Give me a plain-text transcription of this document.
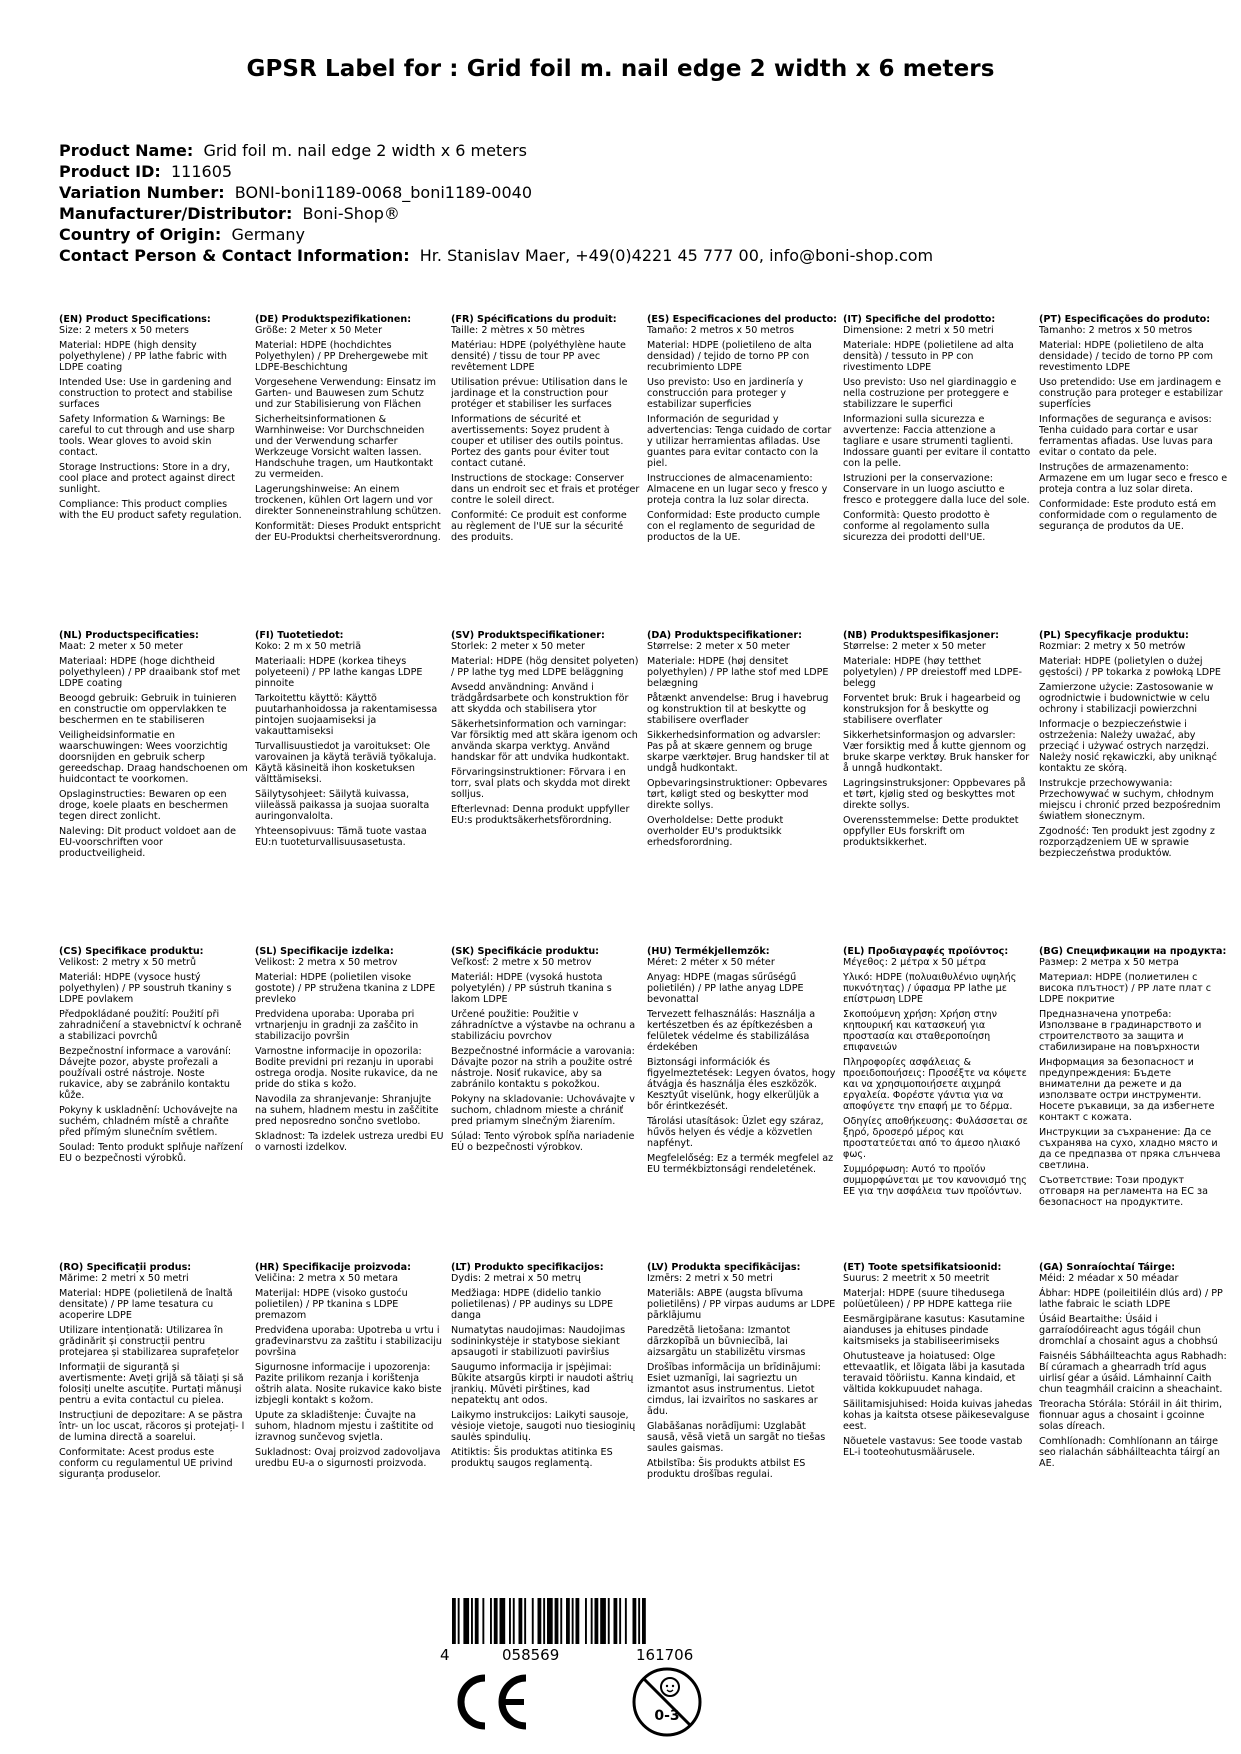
GPSR Label for : Grid foil m. nail edge 2 width x 6 meters
Product Name: Grid foil m. nail edge 2 width x 6 meters
Product ID: 111605
Variation Number: BONI-boni1189-0068_boni1189-0040
Manufacturer/Distributor: Boni-Shop®
Country of Origin: Germany
Contact Person & Contact Information: Hr. Stanislav Maer, +49(0)4221 45 777 00, info@boni-shop.com
(EN) Product Specifications:
Size: 2 meters x 50 meters
Material: HDPE (high density polyethylene) / PP lathe fabric with LDPE coating
Intended Use: Use in gardening and construction to protect and stabilise surfaces
Safety Information & Warnings: Be careful to cut through and use sharp tools. Wear gloves to avoid skin contact.
Storage Instructions: Store in a dry, cool place and protect against direct sunlight.
Compliance: This product complies with the EU product safety regulation.
(DE) Produktspezifikationen:
Größe: 2 Meter x 50 Meter
Material: HDPE (hochdichtes Polyethylen) / PP Drehergewebe mit LDPE-Beschichtung
Vorgesehene Verwendung: Einsatz im Garten- und Bauwesen zum Schutz und zur Stabilisierung von Flächen
Sicherheitsinformationen & Warnhinweise: Vor Durchschneiden und der Verwendung scharfer Werkzeuge Vorsicht walten lassen. Handschuhe tragen, um Hautkontakt zu vermeiden.
Lagerungshinweise: An einem trockenen, kühlen Ort lagern und vor direkter Sonneneinstrahlung schützen.
Konformität: Dieses Produkt entspricht der EU-Produktsi cherheitsverordnung.
(FR) Spécifications du produit:
Taille: 2 mètres x 50 mètres
Matériau: HDPE (polyéthylène haute densité) / tissu de tour PP avec revêtement LDPE
Utilisation prévue: Utilisation dans le jardinage et la construction pour protéger et stabiliser les surfaces
Informations de sécurité et avertissements: Soyez prudent à couper et utiliser des outils pointus. Portez des gants pour éviter tout contact cutané.
Instructions de stockage: Conserver dans un endroit sec et frais et protéger contre le soleil direct.
Conformité: Ce produit est conforme au règlement de l'UE sur la sécurité des produits.
(ES) Especificaciones del producto:
Tamaño: 2 metros x 50 metros
Material: HDPE (polietileno de alta densidad) / tejido de torno PP con recubrimiento LDPE
Uso previsto: Uso en jardinería y construcción para proteger y estabilizar superficies
Información de seguridad y advertencias: Tenga cuidado de cortar y utilizar herramientas afiladas. Use guantes para evitar contacto con la piel.
Instrucciones de almacenamiento: Almacene en un lugar seco y fresco y proteja contra la luz solar directa.
Conformidad: Este producto cumple con el reglamento de seguridad de productos de la UE.
(IT) Specifiche del prodotto:
Dimensione: 2 metri x 50 metri
Materiale: HDPE (polietilene ad alta densità) / tessuto in PP con rivestimento LDPE
Uso previsto: Uso nel giardinaggio e nella costruzione per proteggere e stabilizzare le superfici
Informazioni sulla sicurezza e avvertenze: Faccia attenzione a tagliare e usare strumenti taglienti. Indossare guanti per evitare il contatto con la pelle.
Istruzioni per la conservazione: Conservare in un luogo asciutto e fresco e proteggere dalla luce del sole.
Conformità: Questo prodotto è conforme al regolamento sulla sicurezza dei prodotti dell'UE.
(PT) Especificações do produto:
Tamanho: 2 metros x 50 metros
Material: HDPE (polietileno de alta densidade) / tecido de torno PP com revestimento LDPE
Uso pretendido: Use em jardinagem e construção para proteger e estabilizar superfícies
Informações de segurança e avisos: Tenha cuidado para cortar e usar ferramentas afiadas. Use luvas para evitar o contato da pele.
Instruções de armazenamento: Armazene em um lugar seco e fresco e proteja contra a luz solar direta.
Conformidade: Este produto está em conformidade com o regulamento de segurança de produtos da UE.
(NL) Productspecificaties:
Maat: 2 meter x 50 meter
Materiaal: HDPE (hoge dichtheid polyethyleen) / PP draaibank stof met LDPE coating
Beoogd gebruik: Gebruik in tuinieren en constructie om oppervlakken te beschermen en te stabiliseren
Veiligheidsinformatie en waarschuwingen: Wees voorzichtig doorsnijden en gebruik scherp gereedschap. Draag handschoenen om huidcontact te voorkomen.
Opslaginstructies: Bewaren op een droge, koele plaats en beschermen tegen direct zonlicht.
Naleving: Dit product voldoet aan de EU-voorschriften voor productveiligheid.
(FI) Tuotetiedot:
Koko: 2 m x 50 metriä
Materiaali: HDPE (korkea tiheys polyeteeni) / PP lathe kangas LDPE pinnoite
Tarkoitettu käyttö: Käyttö puutarhanhoidossa ja rakentamisessa pintojen suojaamiseksi ja vakauttamiseksi
Turvallisuustiedot ja varoitukset: Ole varovainen ja käytä teräviä työkaluja. Käytä käsineitä ihon kosketuksen välttämiseksi.
Säilytysohjeet: Säilytä kuivassa, viileässä paikassa ja suojaa suoralta auringonvalolta.
Yhteensopivuus: Tämä tuote vastaa EU:n tuoteturvallisuusasetusta.
(SV) Produktspecifikationer:
Storlek: 2 meter x 50 meter
Material: HDPE (hög densitet polyeten) / PP lathe tyg med LDPE beläggning
Avsedd användning: Använd i trädgårdsarbete och konstruktion för att skydda och stabilisera ytor
Säkerhetsinformation och varningar: Var försiktig med att skära igenom och använda skarpa verktyg. Använd handskar för att undvika hudkontakt.
Förvaringsinstruktioner: Förvara i en torr, sval plats och skydda mot direkt solljus.
Efterlevnad: Denna produkt uppfyller EU:s produktsäkerhetsförordning.
(DA) Produktspecifikationer:
Størrelse: 2 meter x 50 meter
Materiale: HDPE (høj densitet polyethylen) / PP lathe stof med LDPE belægning
Påtænkt anvendelse: Brug i havebrug og konstruktion til at beskytte og stabilisere overflader
Sikkerhedsinformation og advarsler: Pas på at skære gennem og bruge skarpe værktøjer. Brug handsker til at undgå hudkontakt.
Opbevaringsinstruktioner: Opbevares tørt, køligt sted og beskytter mod direkte sollys.
Overholdelse: Dette produkt overholder EU's produktsikk erhedsforordning.
(NB) Produktspesifikasjoner:
Størrelse: 2 meter x 50 meter
Materiale: HDPE (høy tetthet polyetylen) / PP dreiestoff med LDPE-belegg
Forventet bruk: Bruk i hagearbeid og konstruksjon for å beskytte og stabilisere overflater
Sikkerhetsinformasjon og advarsler: Vær forsiktig med å kutte gjennom og bruke skarpe verktøy. Bruk hansker for å unngå hudkontakt.
Lagringsinstruksjoner: Oppbevares på et tørt, kjølig sted og beskyttes mot direkte sollys.
Overensstemmelse: Dette produktet oppfyller EUs forskrift om produktsikkerhet.
(PL) Specyfikacje produktu:
Rozmiar: 2 metry x 50 metrów
Materiał: HDPE (polietylen o dużej gęstości) / PP tokarka z powłoką LDPE
Zamierzone użycie: Zastosowanie w ogrodnictwie i budownictwie w celu ochrony i stabilizacji powierzchni
Informacje o bezpieczeństwie i ostrzeżenia: Należy uważać, aby przeciąć i używać ostrych narzędzi. Należy nosić rękawiczki, aby uniknąć kontaktu ze skórą.
Instrukcje przechowywania: Przechowywać w suchym, chłodnym miejscu i chronić przed bezpośrednim światłem słonecznym.
Zgodność: Ten produkt jest zgodny z rozporządzeniem UE w sprawie bezpieczeństwa produktów.
(CS) Specifikace produktu:
Velikost: 2 metry x 50 metrů
Materiál: HDPE (vysoce hustý polyethylen) / PP soustruh tkaniny s LDPE povlakem
Předpokládané použití: Použití při zahradničení a stavebnictví k ochraně a stabilizaci povrchů
Bezpečnostní informace a varování: Dávejte pozor, abyste prořezali a používali ostré nástroje. Noste rukavice, aby se zabránilo kontaktu kůže.
Pokyny k uskladnění: Uchovávejte na suchém, chladném místě a chraňte před přímým slunečním světlem.
Soulad: Tento produkt splňuje nařízení EU o bezpečnosti výrobků.
(SL) Specifikacije izdelka:
Velikost: 2 metra x 50 metrov
Material: HDPE (polietilen visoke gostote) / PP stružena tkanina z LDPE prevleko
Predvidena uporaba: Uporaba pri vrtnarjenju in gradnji za zaščito in stabilizacijo površin
Varnostne informacije in opozorila: Bodite previdni pri rezanju in uporabi ostrega orodja. Nosite rukavice, da ne pride do stika s kožo.
Navodila za shranjevanje: Shranjujte na suhem, hladnem mestu in zaščitite pred neposredno sončno svetlobo.
Skladnost: Ta izdelek ustreza uredbi EU o varnosti izdelkov.
(SK) Špecifikácie produktu:
Veľkosť: 2 metre x 50 metrov
Materiál: HDPE (vysoká hustota polyetylén) / PP sústruh tkanina s lakom LDPE
Určené použitie: Použitie v záhradníctve a výstavbe na ochranu a stabilizáciu povrchov
Bezpečnostné informácie a varovania: Dávajte pozor na strih a použite ostré nástroje. Nosiť rukavice, aby sa zabránilo kontaktu s pokožkou.
Pokyny na skladovanie: Uchovávajte v suchom, chladnom mieste a chrániť pred priamym slnečným žiarením.
Súlad: Tento výrobok spĺňa nariadenie EÚ o bezpečnosti výrobkov.
(HU) Termékjellemzők:
Méret: 2 méter x 50 méter
Anyag: HDPE (magas sűrűségű polietilén) / PP lathe anyag LDPE bevonattal
Tervezett felhasználás: Használja a kertészetben és az építkezésben a felületek védelme és stabilizálása érdekében
Biztonsági információk és figyelmeztetések: Legyen óvatos, hogy átvágja és használja éles eszközök. Kesztyűt viselünk, hogy elkerüljük a bőr érintkezését.
Tárolási utasítások: Üzlet egy száraz, hűvös helyen és védje a közvetlen napfényt.
Megfelelőség: Ez a termék megfelel az EU termékbiztonsági rendeletének.
(EL) Προδιαγραφές προϊόντος:
Μέγεθος: 2 μέτρα x 50 μέτρα
Υλικό: HDPE (πολυαιθυλένιο υψηλής πυκνότητας) / ύφασμα PP lathe με επίστρωση LDPE
Σκοπούμενη χρήση: Χρήση στην κηπουρική και κατασκευή για προστασία και σταθεροποίηση επιφανειών
Πληροφορίες ασφάλειας & προειδοποιήσεις: Προσέξτε να κόψετε και να χρησιμοποιήσετε αιχμηρά εργαλεία. Φορέστε γάντια για να αποφύγετε την επαφή με το δέρμα.
Οδηγίες αποθήκευσης: Φυλάσσεται σε ξηρό, δροσερό μέρος και προστατεύεται από το άμεσο ηλιακό φως.
Συμμόρφωση: Αυτό το προϊόν συμμορφώνεται με τον κανονισμό της ΕΕ για την ασφάλεια των προϊόντων.
(BG) Спецификации на продукта:
Размер: 2 метра x 50 метра
Материал: HDPE (полиетилен с висока плътност) / PP лате плат с LDPE покритие
Предназначена употреба: Използване в градинарството и строителството за защита и стабилизиране на повърхности
Информация за безопасност и предупреждения: Бъдете внимателни да режете и да използвате остри инструменти. Носете ръкавици, за да избегнете контакт с кожата.
Инструкции за съхранение: Да се съхранява на сухо, хладно място и да се предпазва от пряка слънчева светлина.
Съответствие: Този продукт отговаря на регламента на ЕС за безопасност на продуктите.
(RO) Specificații produs:
Mărime: 2 metri x 50 metri
Material: HDPE (polietilenă de înaltă densitate) / PP lame tesatura cu acoperire LDPE
Utilizare intenționată: Utilizarea în grădinărit și construcții pentru protejarea și stabilizarea suprafețelor
Informații de siguranță și avertismente: Aveți grijă să tăiați și să folosiți unelte ascuțite. Purtați mănuși pentru a evita contactul cu pielea.
Instrucțiuni de depozitare: A se păstra într- un loc uscat, răcoros și protejați- l de lumina directă a soarelui.
Conformitate: Acest produs este conform cu regulamentul UE privind siguranța produselor.
(HR) Specifikacije proizvoda:
Veličina: 2 metra x 50 metara
Materijal: HDPE (visoko gustoću polietilen) / PP tkanina s LDPE premazom
Predviđena uporaba: Upotreba u vrtu i građevinarstvu za zaštitu i stabilizaciju površina
Sigurnosne informacije i upozorenja: Pazite prilikom rezanja i korištenja oštrih alata. Nosite rukavice kako biste izbjegli kontakt s kožom.
Upute za skladištenje: Čuvajte na suhom, hladnom mjestu i zaštitite od izravnog sunčevog svjetla.
Sukladnost: Ovaj proizvod zadovoljava uredbu EU-a o sigurnosti proizvoda.
(LT) Produkto specifikacijos:
Dydis: 2 metrai x 50 metrų
Medžiaga: HDPE (didelio tankio polietilenas) / PP audinys su LDPE danga
Numatytas naudojimas: Naudojimas sodininkystėje ir statybose siekiant apsaugoti ir stabilizuoti paviršius
Saugumo informacija ir įspėjimai: Būkite atsargūs kirpti ir naudoti aštrių įrankių. Mūvėti pirštines, kad nepatektų ant odos.
Laikymo instrukcijos: Laikyti sausoje, vėsioje vietoje, saugoti nuo tiesioginių saulės spindulių.
Atitiktis: Šis produktas atitinka ES produktų saugos reglamentą.
(LV) Produkta specifikācijas:
Izmērs: 2 metri x 50 metri
Materiāls: ABPE (augsta blīvuma polietilēns) / PP virpas audums ar LDPE pārklājumu
Paredzētā lietošana: Izmantot dārzkopībā un būvniecībā, lai aizsargātu un stabilizētu virsmas
Drošības informācija un brīdinājumi: Esiet uzmanīgi, lai sagrieztu un izmantot asus instrumentus. Lietot cimdus, lai izvairītos no saskares ar ādu.
Glabāšanas norādījumi: Uzglabāt sausā, vēsā vietā un sargāt no tiešas saules gaismas.
Atbilstība: Šis produkts atbilst ES produktu drošības regulai.
(ET) Toote spetsifikatsioonid:
Suurus: 2 meetrit x 50 meetrit
Materjal: HDPE (suure tihedusega polüetüleen) / PP HDPE kattega riie
Eesmärgipärane kasutus: Kasutamine aianduses ja ehituses pindade kaitsmiseks ja stabiliseerimiseks
Ohutusteave ja hoiatused: Olge ettevaatlik, et lõigata läbi ja kasutada teravaid tööriistu. Kanna kindaid, et vältida kokkupuudet nahaga.
Säilitamisjuhised: Hoida kuivas jahedas kohas ja kaitsta otsese päikesevalguse eest.
Nõuetele vastavus: See toode vastab EL-i tooteohutusmäärusele.
(GA) Sonraíochtaí Táirge:
Méid: 2 méadar x 50 méadar
Ábhar: HDPE (poileitiléin dlús ard) / PP lathe fabraic le sciath LDPE
Úsáid Beartaithe: Úsáid i garraíodóireacht agus tógáil chun dromchlaí a chosaint agus a chobhsú
Faisnéis Sábháilteachta agus Rabhadh: Bí cúramach a ghearradh tríd agus uirlisí géar a úsáid. Lámhainní Caith chun teagmháil craicinn a sheachaint.
Treoracha Stórála: Stóráil in áit thirim, fionnuar agus a chosaint i gcoinne solas díreach.
Comhlíonadh: Comhlíonann an táirge seo rialachán sábháilteachta táirgí an AE.
4	058569	161706
0-3
